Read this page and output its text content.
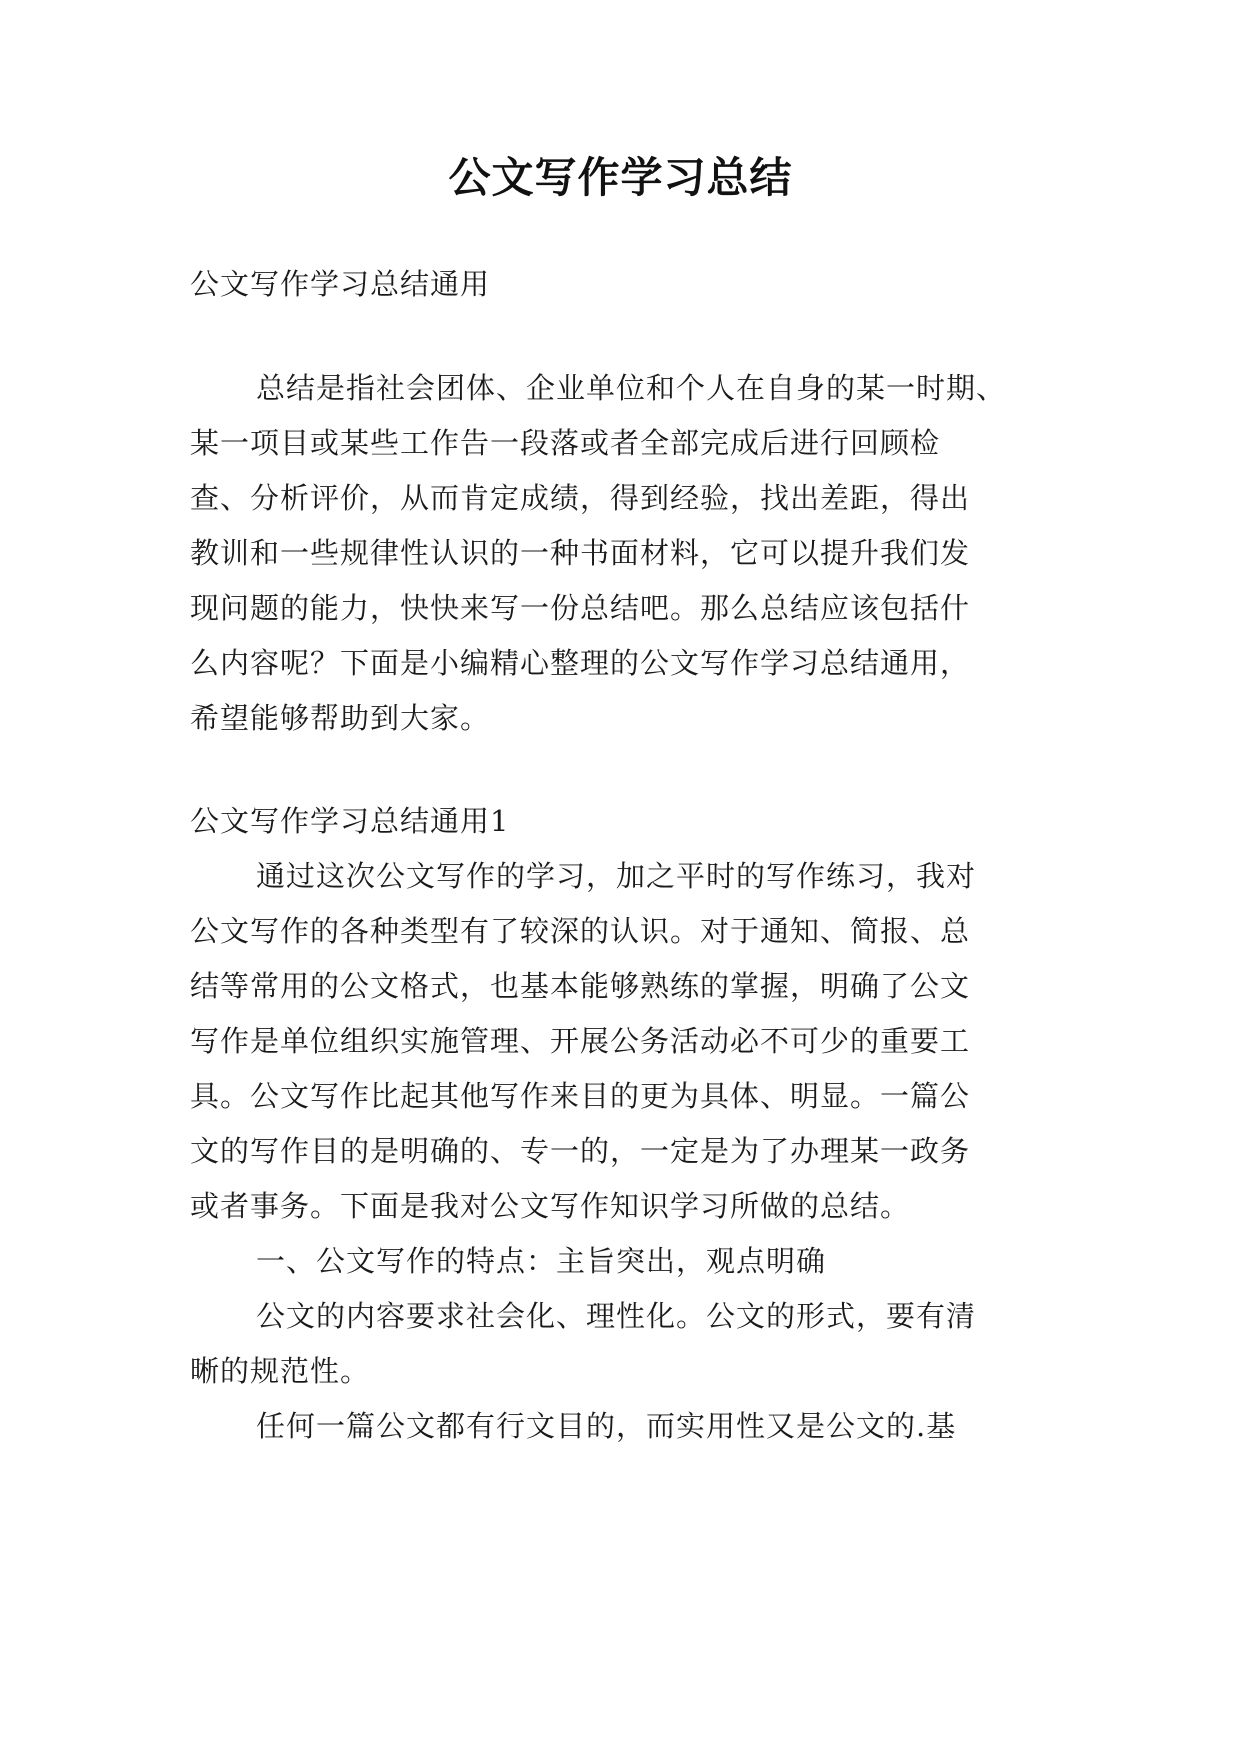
公文写作学习总结
公文写作学习总结通用
总结是指社会团体、企业单位和个人在自身的某一时期、
某一项目或某些工作告一段落或者全部完成后进行回顾检
查、分析评价，从而肯定成绩，得到经验，找出差距，得出
教训和一些规律性认识的一种书面材料，它可以提升我们发
现问题的能力，快快来写一份总结吧。那么总结应该包括什
么内容呢？下面是小编精心整理的公文写作学习总结通用，
希望能够帮助到大家。
公文写作学习总结通用1
通过这次公文写作的学习，加之平时的写作练习，我对
公文写作的各种类型有了较深的认识。对于通知、简报、总
结等常用的公文格式，也基本能够熟练的掌握，明确了公文
写作是单位组织实施管理、开展公务活动必不可少的重要工
具。公文写作比起其他写作来目的更为具体、明显。一篇公
文的写作目的是明确的、专一的，一定是为了办理某一政务
或者事务。下面是我对公文写作知识学习所做的总结。
一、公文写作的特点：主旨突出，观点明确
公文的内容要求社会化、理性化。公文的形式，要有清
晰的规范性。
任何一篇公文都有行文目的，而实用性又是公文的.基
